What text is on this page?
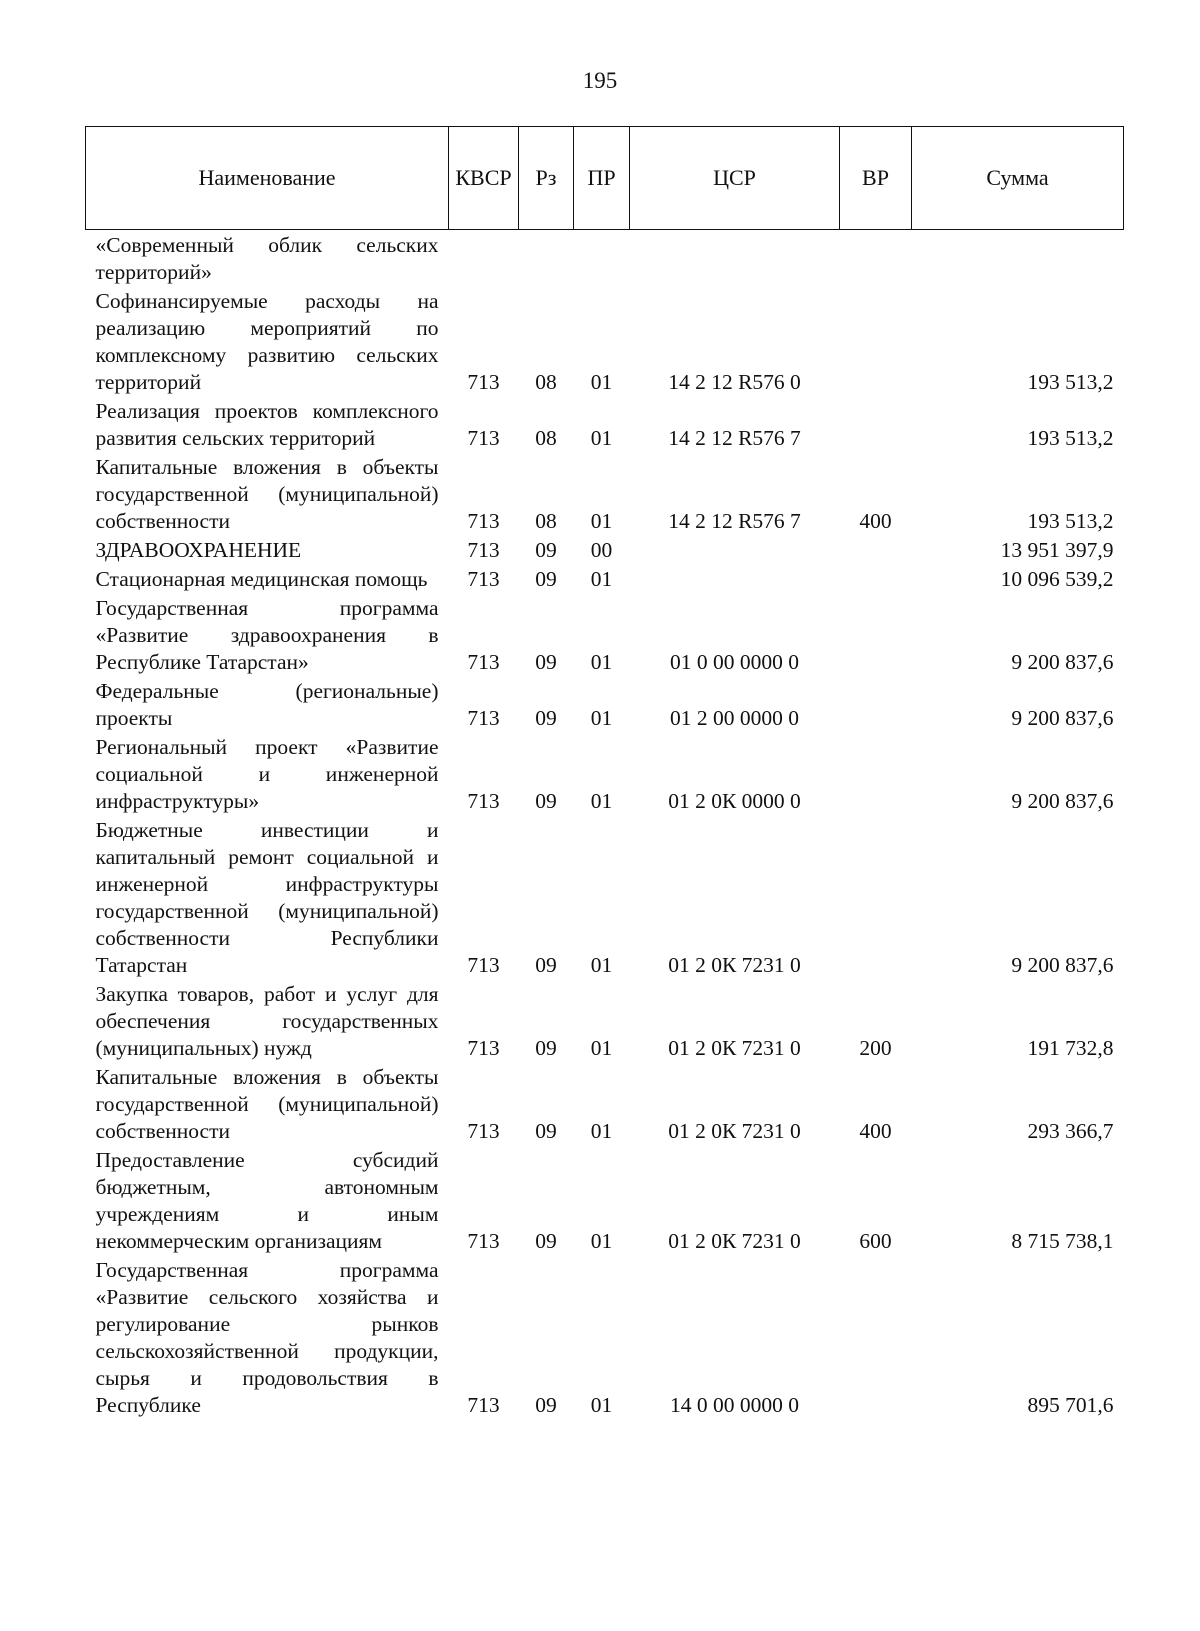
195
Наименование	КВСР	Рз	ПР	ЦСР	ВР	Сумма
«Современный облик сельских территорий»						
Софинансируемые расходы на реализацию мероприятий по комплексному развитию сельских территорий	713	08	01	14 2 12 R576 0		193 513,2
Реализация проектов комплексного развития сельских территорий	713	08	01	14 2 12 R576 7		193 513,2
Капитальные вложения в объекты государственной (муниципальной) собственности	713	08	01	14 2 12 R576 7	400	193 513,2
ЗДРАВООХРАНЕНИЕ	713	09	00			13 951 397,9
Стационарная медицинская помощь	713	09	01			10 096 539,2
Государственная программа «Развитие здравоохранения в Республике Татарстан»	713	09	01	01 0 00 0000 0		9 200 837,6
Федеральные (региональные) проекты	713	09	01	01 2 00 0000 0		9 200 837,6
Региональный проект «Развитие социальной и инженерной инфраструктуры»	713	09	01	01 2 0К 0000 0		9 200 837,6
Бюджетные инвестиции и капитальный ремонт социальной и инженерной инфраструктуры государственной (муниципальной) собственности Республики Татарстан	713	09	01	01 2 0К 7231 0		9 200 837,6
Закупка товаров, работ и услуг для обеспечения государственных (муниципальных) нужд	713	09	01	01 2 0К 7231 0	200	191 732,8
Капитальные вложения в объекты государственной (муниципальной) собственности	713	09	01	01 2 0К 7231 0	400	293 366,7
Предоставление субсидий бюджетным, автономным учреждениям и иным некоммерческим организациям	713	09	01	01 2 0К 7231 0	600	8 715 738,1
Государственная программа «Развитие сельского хозяйства и регулирование рынков сельскохозяйственной продукции, сырья и продовольствия в Республике	713	09	01	14 0 00 0000 0		895 701,6
